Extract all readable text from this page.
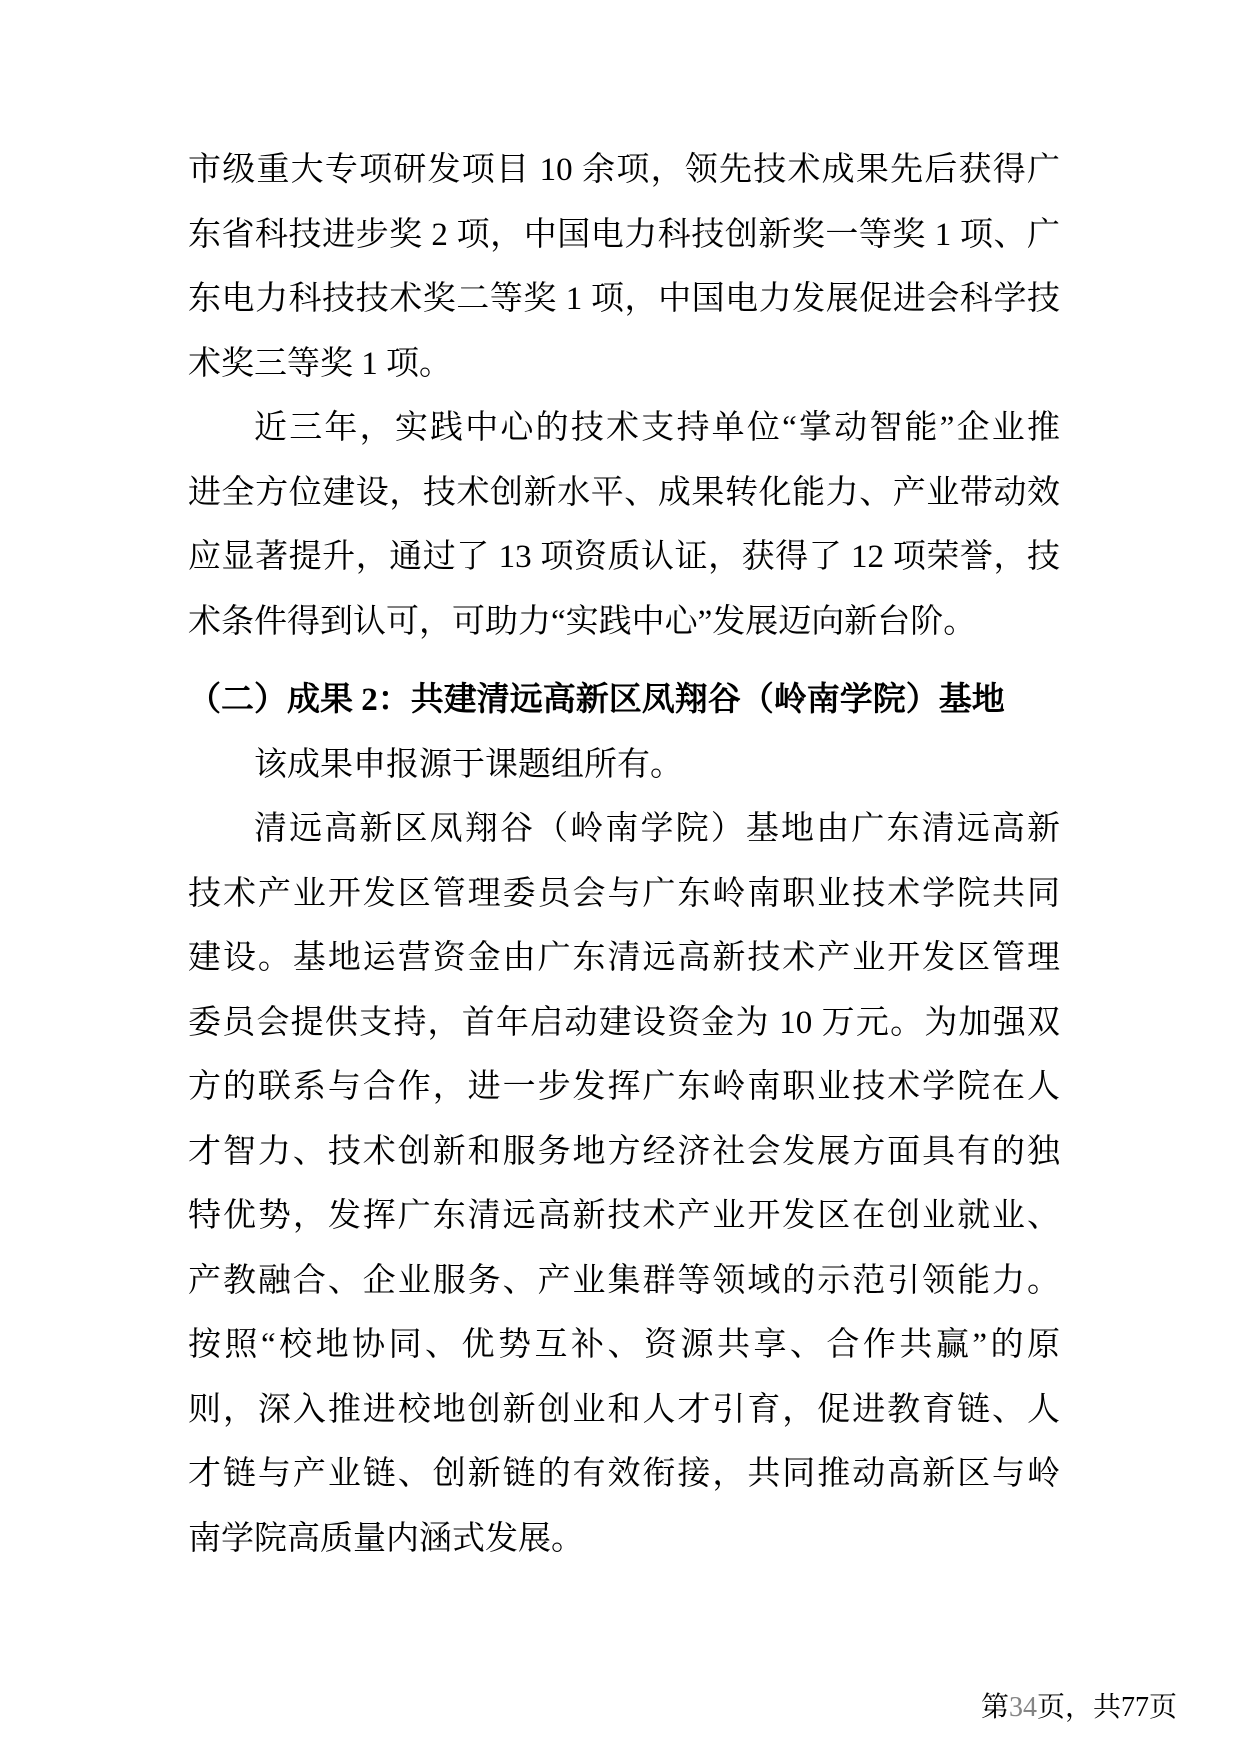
市级重大专项研发项目 10 余项，领先技术成果先后获得广
东省科技进步奖 2 项，中国电力科技创新奖一等奖 1 项、广
东电力科技技术奖二等奖 1 项，中国电力发展促进会科学技
术奖三等奖 1 项。
近三年，实践中心的技术支持单位“掌动智能”企业推
进全方位建设，技术创新水平、成果转化能力、产业带动效
应显著提升，通过了 13 项资质认证，获得了 12 项荣誉，技
术条件得到认可，可助力“实践中心”发展迈向新台阶。
（二）成果 2：共建清远高新区凤翔谷（岭南学院）基地
该成果申报源于课题组所有。
清远高新区凤翔谷（岭南学院）基地由广东清远高新
技术产业开发区管理委员会与广东岭南职业技术学院共同
建设。基地运营资金由广东清远高新技术产业开发区管理
委员会提供支持，首年启动建设资金为 10 万元。为加强双
方的联系与合作，进一步发挥广东岭南职业技术学院在人
才智力、技术创新和服务地方经济社会发展方面具有的独
特优势，发挥广东清远高新技术产业开发区在创业就业、
产教融合、企业服务、产业集群等领域的示范引领能力。
按照“校地协同、优势互补、资源共享、合作共赢”的原
则，深入推进校地创新创业和人才引育，促进教育链、人
才链与产业链、创新链的有效衔接，共同推动高新区与岭
南学院高质量内涵式发展。
第34页，共77页
